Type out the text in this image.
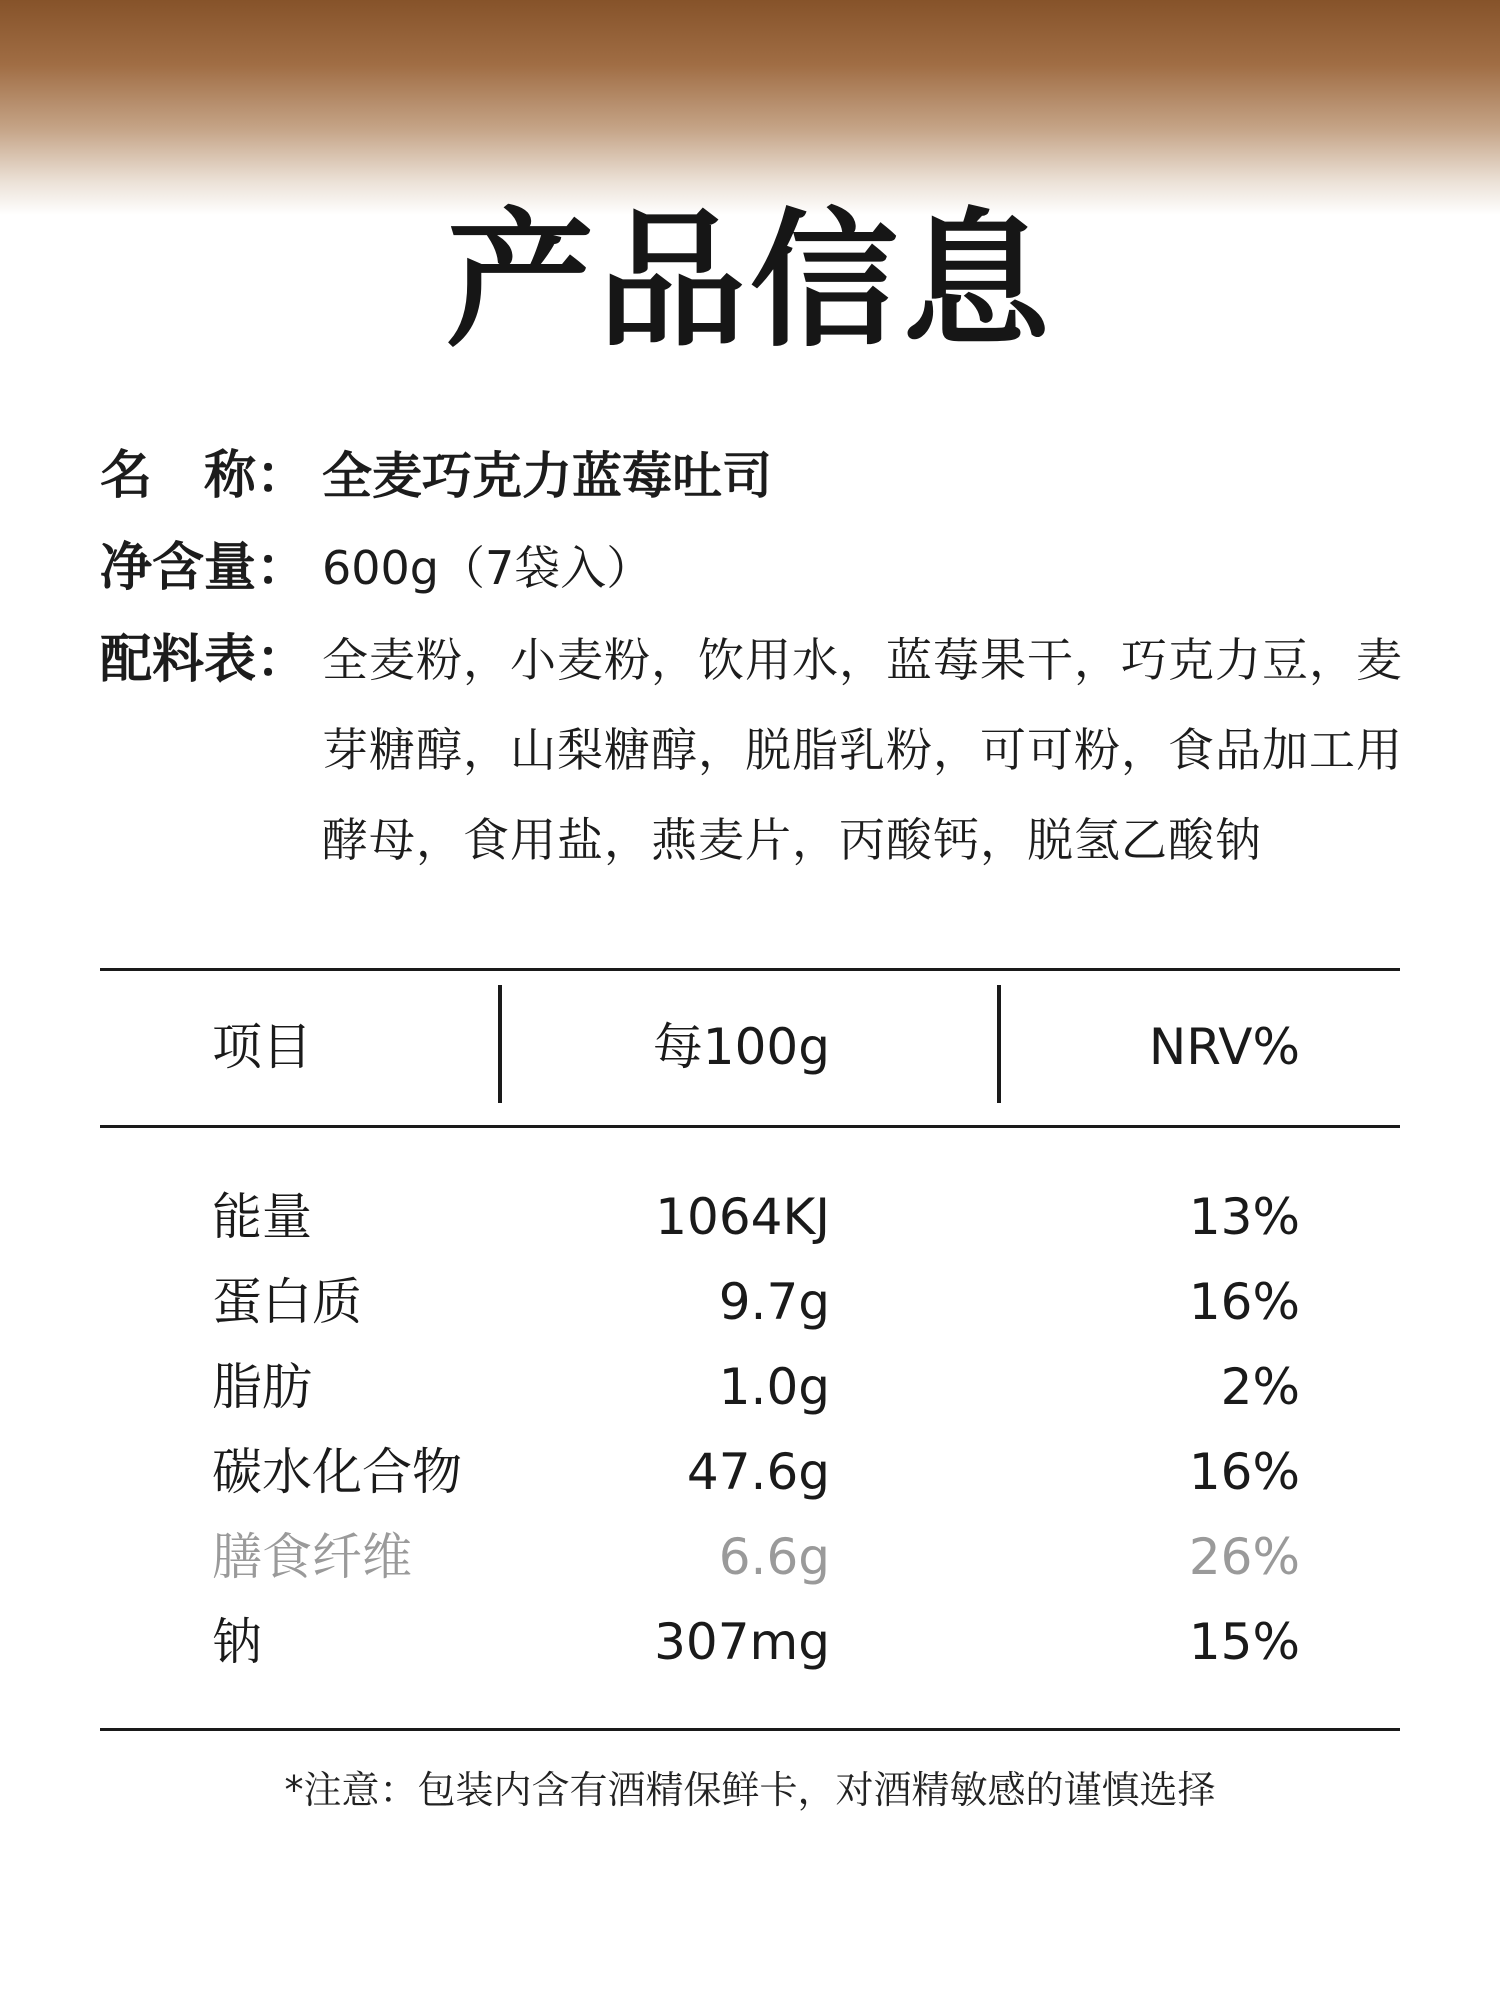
产品信息
名　称： 全麦巧克力蓝莓吐司
净含量： 600g（7袋入）
配料表： 全麦粉，小麦粉，饮用水，蓝莓果干，巧克力豆，麦芽糖醇，山梨糖醇，脱脂乳粉，可可粉，食品加工用酵母，食用盐，燕麦片，丙酸钙，脱氢乙酸钠
项目	每100g	NRV%
能量	1064KJ	13%
蛋白质	9.7g	16%
脂肪	1.0g	2%
碳水化合物	47.6g	16%
膳食纤维	6.6g	26%
钠	307mg	15%
*注意：包装内含有酒精保鲜卡，对酒精敏感的谨慎选择
